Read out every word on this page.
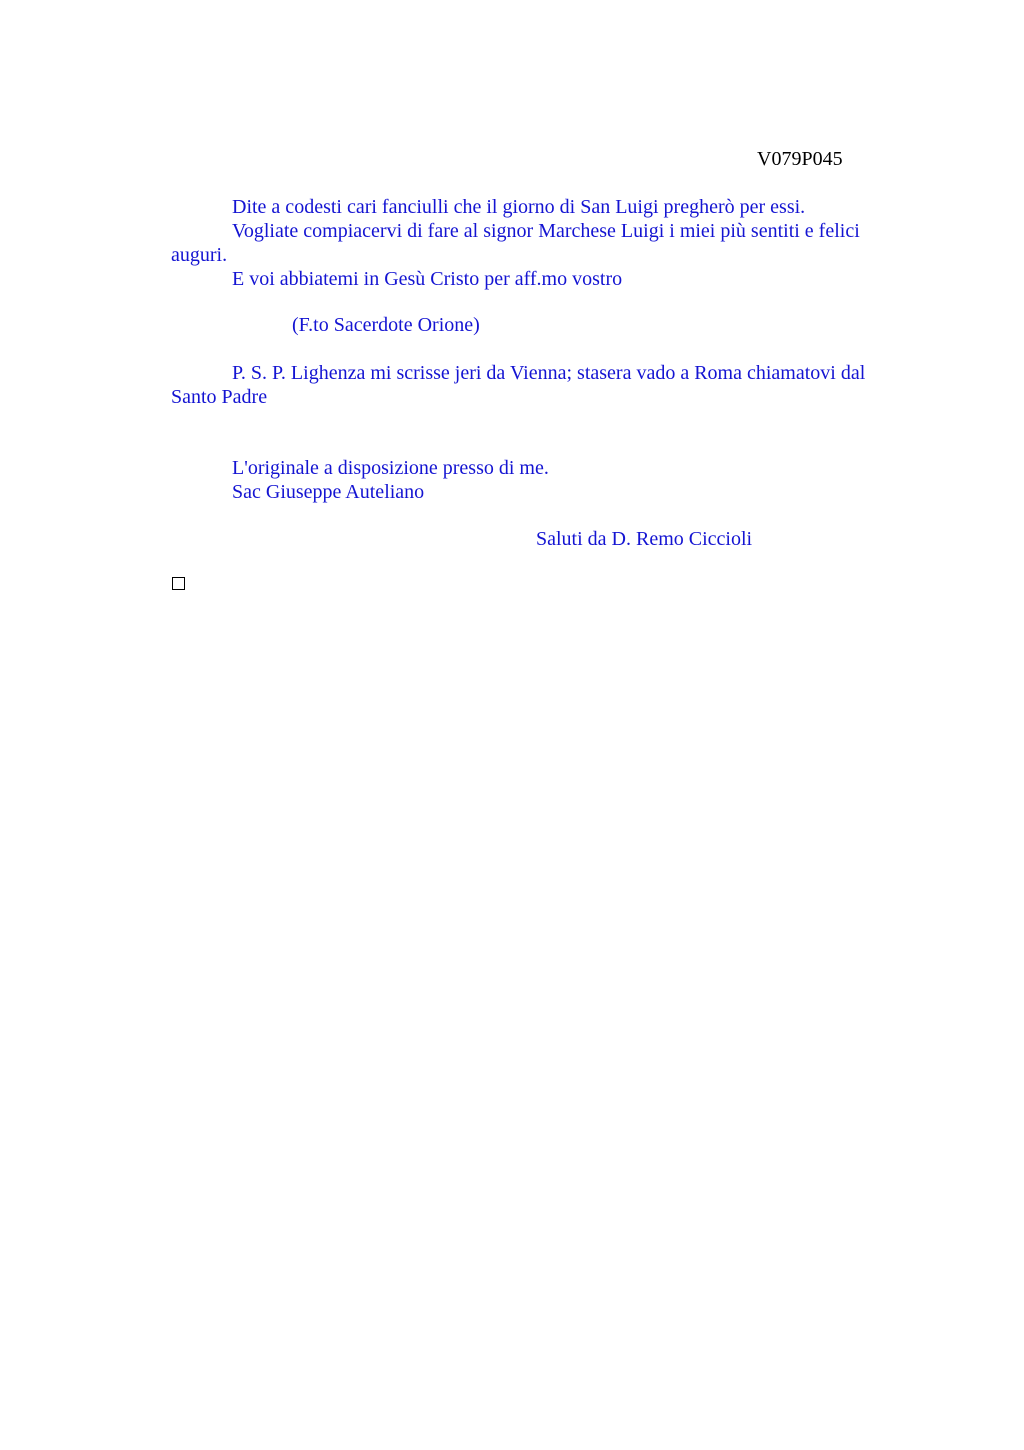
V079P045

Dite a codesti cari fanciulli che il giorno di San Luigi pregherò per essi.

Vogliate compiacervi di fare al signor Marchese Luigi i miei più sentiti e felici auguri.

E voi abbiatemi in Gesù Cristo per aff.mo vostro

(F.to Sacerdote Orione)

P. S. P. Lighenza mi scrisse jeri da Vienna; stasera vado a Roma chiamatovi dal Santo Padre

L'originale a disposizione presso di me.

Sac Giuseppe Auteliano

Saluti da D. Remo Ciccioli
